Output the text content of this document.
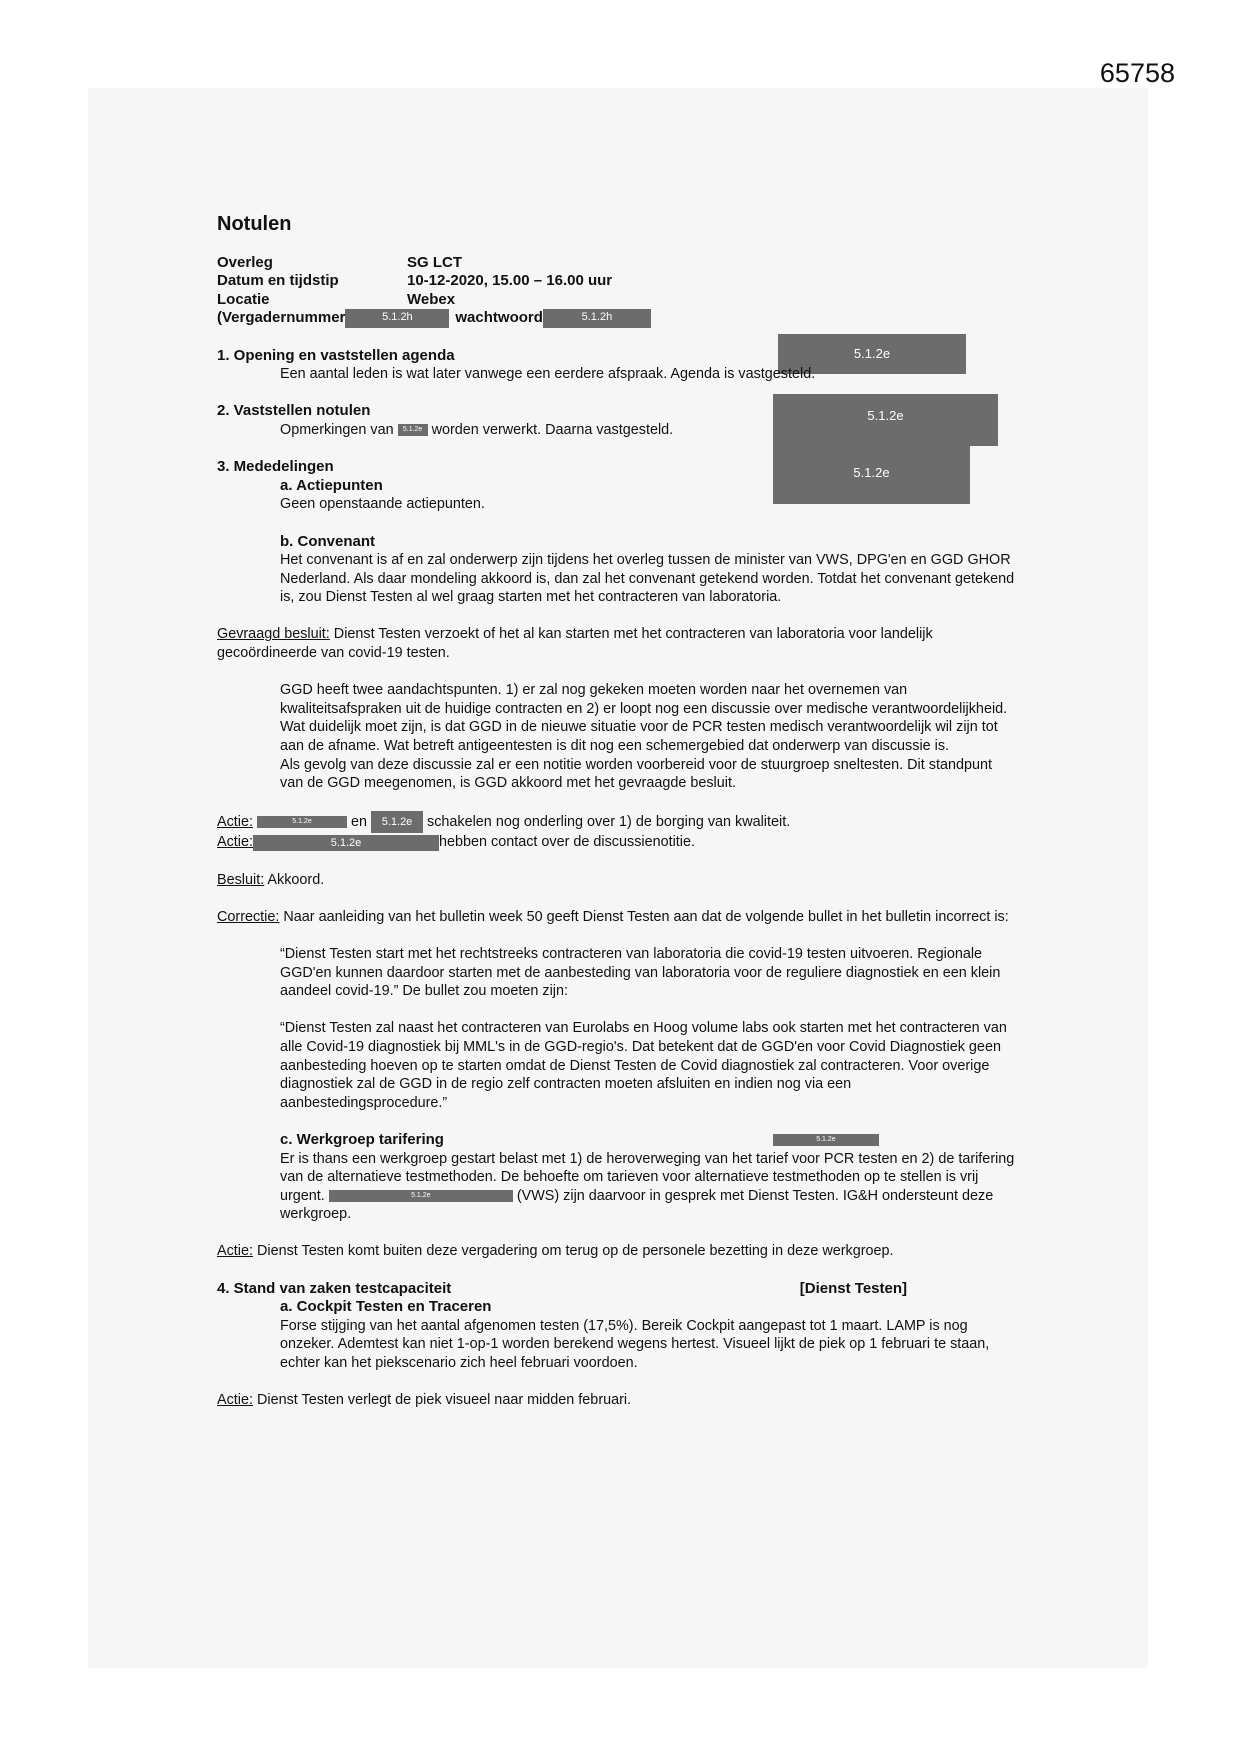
65758
5.1.2e
5.1.2e
5.1.2e
Notulen
Overleg	SG LCT
Datum en tijdstip	10-12-2020, 15.00 – 16.00 uur
Locatie	Webex
(Vergadernummer	5.1.2h	wachtwoord	5.1.2h
1. Opening en vaststellen agenda

Een aantal leden is wat later vanwege een eerdere afspraak. Agenda is vastgesteld.

2. Vaststellen notulen

Opmerkingen van 5.1.2e worden verwerkt. Daarna vastgesteld.

3. Mededelingen
a. Actiepunten

Geen openstaande actiepunten.

b. Convenant

Het convenant is af en zal onderwerp zijn tijdens het overleg tussen de minister van VWS, DPG'en en GGD GHOR Nederland. Als daar mondeling akkoord is, dan zal het convenant getekend worden. Totdat het convenant getekend is, zou Dienst Testen al wel graag starten met het contracteren van laboratoria.

Gevraagd besluit: Dienst Testen verzoekt of het al kan starten met het contracteren van laboratoria voor landelijk gecoördineerde van covid-19 testen.

GGD heeft twee aandachtspunten. 1) er zal nog gekeken moeten worden naar het overnemen van kwaliteitsafspraken uit de huidige contracten en 2) er loopt nog een discussie over medische verantwoordelijkheid. Wat duidelijk moet zijn, is dat GGD in de nieuwe situatie voor de PCR testen medisch verantwoordelijk wil zijn tot aan de afname. Wat betreft antigeentesten is dit nog een schemergebied dat onderwerp van discussie is.

Als gevolg van deze discussie zal er een notitie worden voorbereid voor de stuurgroep sneltesten. Dit standpunt van de GGD meegenomen, is GGD akkoord met het gevraagde besluit.

Actie:	5.1.2e	en 5.1.2e schakelen nog onderling over 1) de borging van kwaliteit.

Actie:	5.1.2e	hebben contact over de discussienotitie.

Besluit: Akkoord.

Correctie: Naar aanleiding van het bulletin week 50 geeft Dienst Testen aan dat de volgende bullet in het bulletin incorrect is:

“Dienst Testen start met het rechtstreeks contracteren van laboratoria die covid-19 testen uitvoeren. Regionale GGD'en kunnen daardoor starten met de aanbesteding van laboratoria voor de reguliere diagnostiek en een klein aandeel covid-19.” De bullet zou moeten zijn:

“Dienst Testen zal naast het contracteren van Eurolabs en Hoog volume labs ook starten met het contracteren van alle Covid-19 diagnostiek bij MML's in de GGD-regio's. Dat betekent dat de GGD'en voor Covid Diagnostiek geen aanbesteding hoeven op te starten omdat de Dienst Testen de Covid diagnostiek zal contracteren. Voor overige diagnostiek zal de GGD in de regio zelf contracten moeten afsluiten en indien nog via een aanbestedingsprocedure.”

c. Werkgroep tarifering	5.1.2e

Er is thans een werkgroep gestart belast met 1) de heroverweging van het tarief voor PCR testen en 2) de tarifering van de alternatieve testmethoden. De behoefte om tarieven voor alternatieve testmethoden op te stellen is vrij urgent.	5.1.2e	(VWS) zijn daarvoor in gesprek met Dienst Testen. IG&H ondersteunt deze werkgroep.

Actie: Dienst Testen komt buiten deze vergadering om terug op de personele bezetting in deze werkgroep.

4. Stand van zaken testcapaciteit	[Dienst Testen]
a. Cockpit Testen en Traceren

Forse stijging van het aantal afgenomen testen (17,5%). Bereik Cockpit aangepast tot 1 maart. LAMP is nog onzeker. Ademtest kan niet 1-op-1 worden berekend wegens hertest. Visueel lijkt de piek op 1 februari te staan, echter kan het piekscenario zich heel februari voordoen.

Actie: Dienst Testen verlegt de piek visueel naar midden februari.
